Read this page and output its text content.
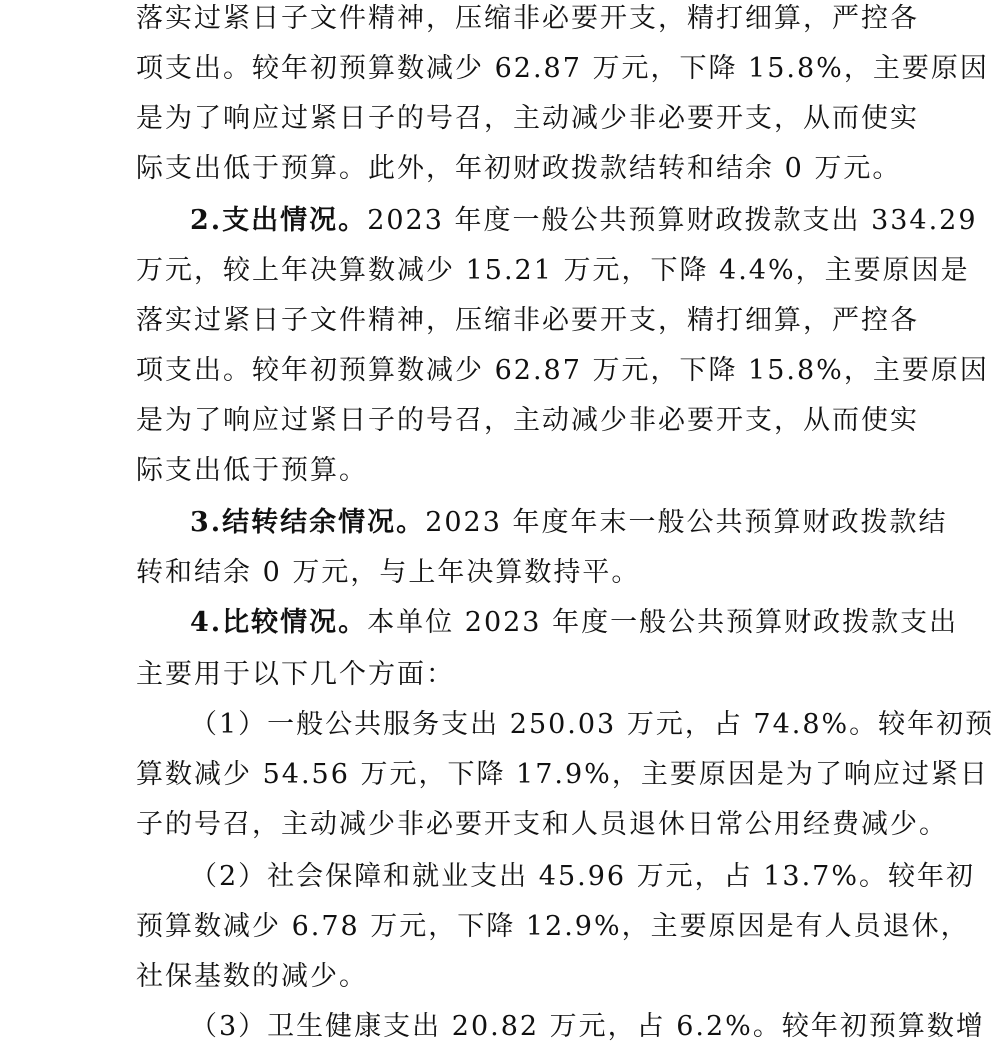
落实过紧日子文件精神，压缩非必要开支，精打细算，严控各
项支出。较年初预算数减少 62.87 万元，下降 15.8%，主要原因
是为了响应过紧日子的号召，主动减少非必要开支，从而使实
际支出低于预算。此外，年初财政拨款结转和结余 0 万元。
2.支出情况。2023 年度一般公共预算财政拨款支出 334.29
万元，较上年决算数减少 15.21 万元，下降 4.4%，主要原因是
落实过紧日子文件精神，压缩非必要开支，精打细算，严控各
项支出。较年初预算数减少 62.87 万元，下降 15.8%，主要原因
是为了响应过紧日子的号召，主动减少非必要开支，从而使实
际支出低于预算。
3.结转结余情况。2023 年度年末一般公共预算财政拨款结
转和结余 0 万元，与上年决算数持平。
4.比较情况。本单位 2023 年度一般公共预算财政拨款支出
主要用于以下几个方面：
（1）一般公共服务支出 250.03 万元，占 74.8%。较年初预
算数减少 54.56 万元，下降 17.9%，主要原因是为了响应过紧日
子的号召，主动减少非必要开支和人员退休日常公用经费减少。
（2）社会保障和就业支出 45.96 万元，占 13.7%。较年初
预算数减少 6.78 万元，下降 12.9%，主要原因是有人员退休，
社保基数的减少。
（3）卫生健康支出 20.82 万元，占 6.2%。较年初预算数增
